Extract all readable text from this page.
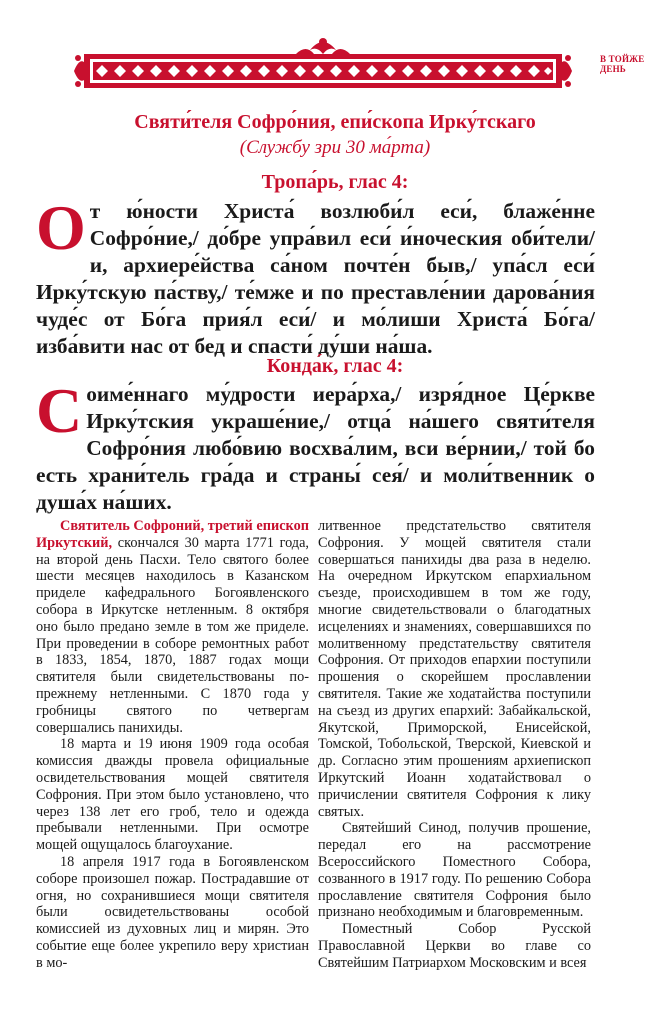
В ТОЙЖЕ ДЕНЬ
Святи́теля Софро́ния, епи́скопа Ирку́тскаго
(Службу зри 30 ма́рта)
Тропа́рь, глас 4:
От ю́ности Христа́ возлюби́л еси́, блаже́нне Софро́ние,/ до́бре упра́вил еси́ и́ноческия оби́тели/ и, архиере́йства са́ном почте́н быв,/ упа́сл еси́ Ирку́тскую па́ству,/ те́мже и по преставле́нии дарова́ния чуде́с от Бо́га прия́л еси́/ и мо́лиши Христа́ Бо́га/ изба́вити нас от бед и спасти́ ду́ши на́ша.
Конда́к, глас 4:
Соиме́ннаго му́дрости иера́рха,/ изря́дное Це́ркве Ирку́тския украше́ние,/ отца́ на́шего святи́теля Софро́ния любо́вию восхва́лим, вси ве́рнии,/ той бо есть храни́тель гра́да и страны́ сея́/ и моли́твенник о душа́х на́ших.

Святитель Софроний, третий епископ Иркутский, скончался 30 марта 1771 года, на второй день Пасхи. Тело святого более шести месяцев находилось в Казанском приделе кафедрального Богоявленского собора в Иркутске нетленным. 8 октября оно было предано земле в том же приделе. При проведении в соборе ремонтных работ в 1833, 1854, 1870, 1887 годах мощи святителя были свидетельствованы по-прежнему нетленными. С 1870 года у гробницы святого по четвергам совершались панихиды.

18 марта и 19 июня 1909 года особая комиссия дважды провела официальные освидетельствования мощей святителя Софрония. При этом было установлено, что через 138 лет его гроб, тело и одежда пребывали нетленными. При осмотре мощей ощущалось благоухание.

18 апреля 1917 года в Богоявленском соборе произошел пожар. Пострадавшие от огня, но сохранившиеся мощи святителя были освидетельствованы особой комиссией из духовных лиц и мирян. Это событие еще более укрепило веру христиан в мо-

литвенное предстательство святителя Софрония. У мощей святителя стали совершаться панихиды два раза в неделю. На очередном Иркутском епархиальном съезде, происходившем в том же году, многие свидетельствовали о благодатных исцелениях и знамениях, совершавшихся по молитвенному предстательству святителя Софрония. От приходов епархии поступили прошения о скорейшем прославлении святителя. Такие же ходатайства поступили на съезд из других епархий: Забайкальской, Якутской, Приморской, Енисейской, Томской, Тобольской, Тверской, Киевской и др. Согласно этим прошениям архиепископ Иркутский Иоанн ходатайствовал о причислении святителя Софрония к лику святых.

Святейший Синод, получив прошение, передал его на рассмотрение Всероссийского Поместного Собора, созванного в 1917 году. По решению Собора прославление святителя Софрония было признано необходимым и благовременным.

Поместный Собор Русской Православной Церкви во главе со Святейшим Патриархом Московским и всея
